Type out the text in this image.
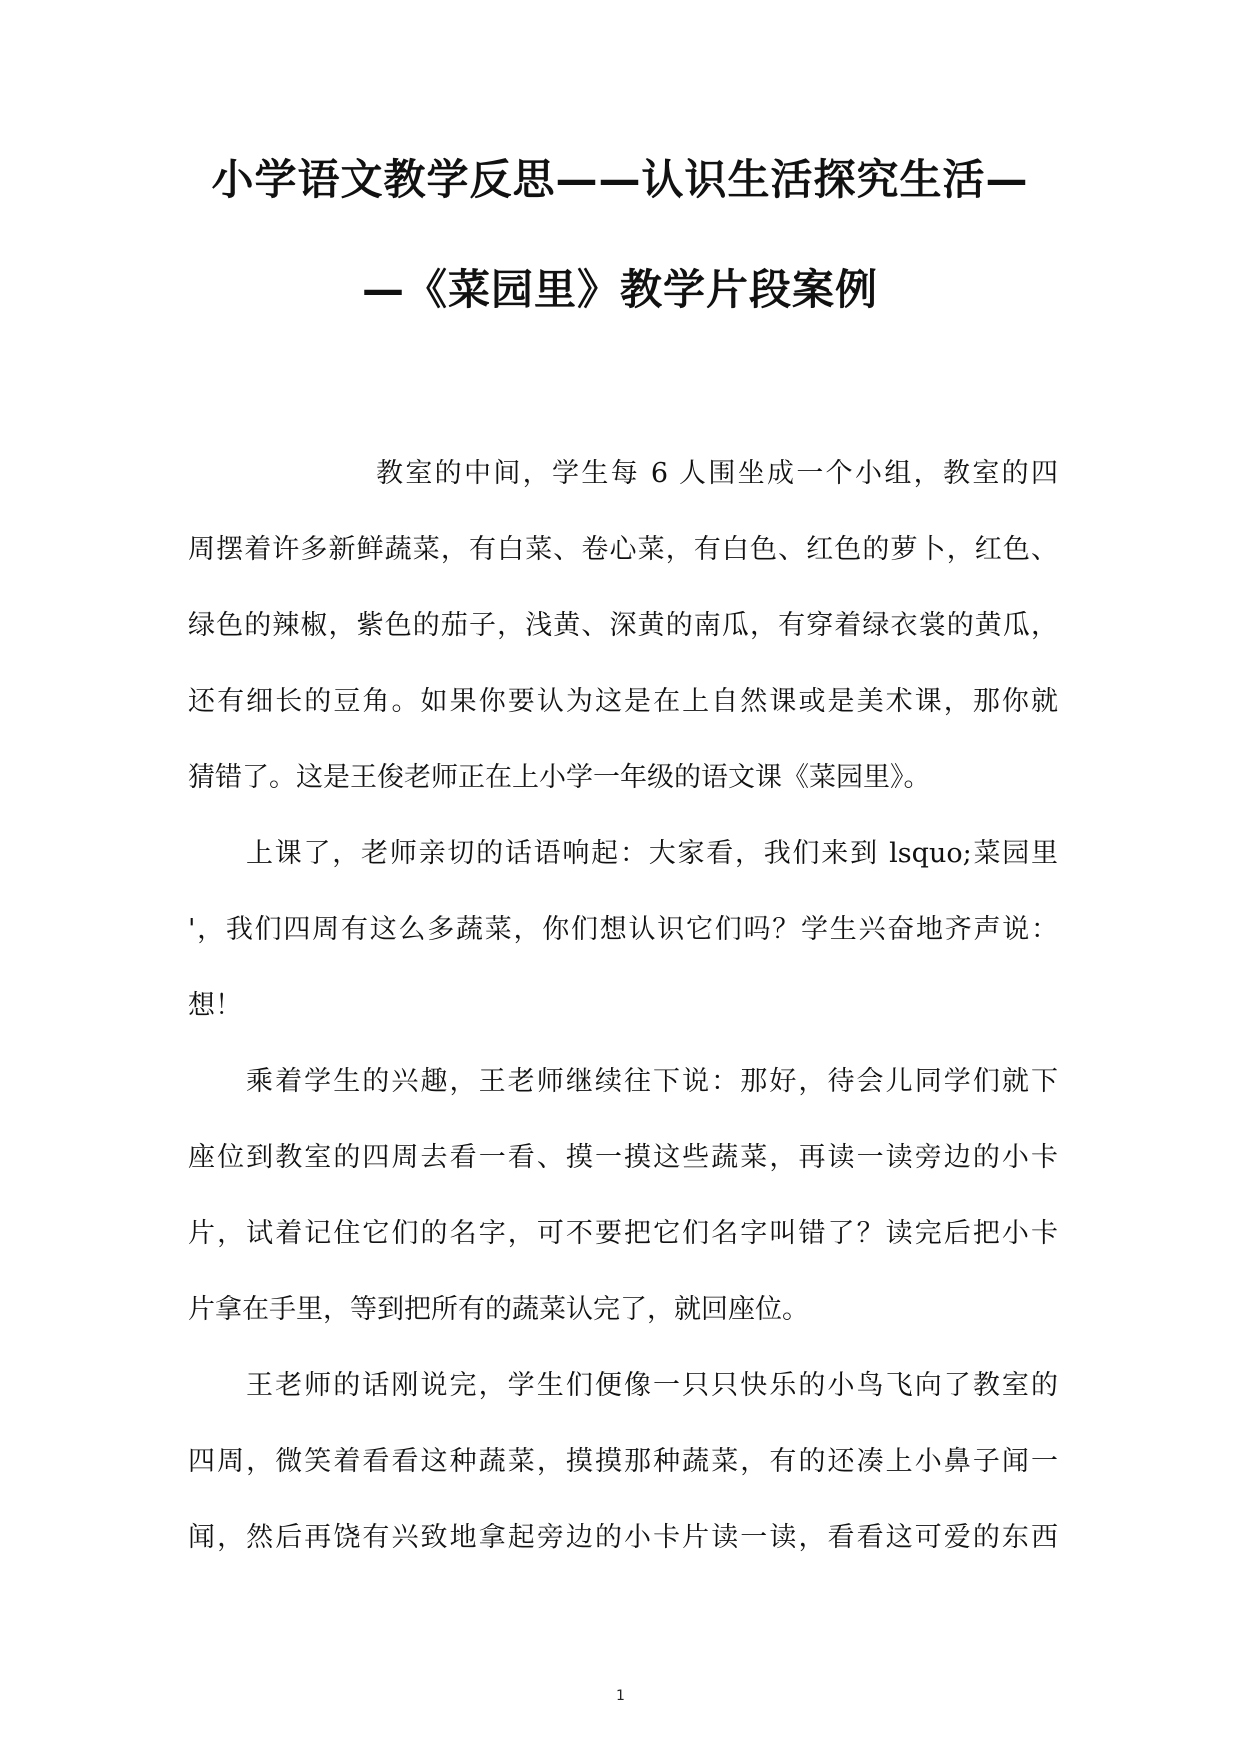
小学语文教学反思——认识生活探究生活—
—《菜园里》教学片段案例
教室的中间，学生每 6 人围坐成一个小组，教室的四
周摆着许多新鲜蔬菜，有白菜、卷心菜，有白色、红色的萝卜，红色、
绿色的辣椒，紫色的茄子，浅黄、深黄的南瓜，有穿着绿衣裳的黄瓜，
还有细长的豆角。如果你要认为这是在上自然课或是美术课，那你就
猜错了。这是王俊老师正在上小学一年级的语文课《菜园里》。
上课了，老师亲切的话语响起：大家看，我们来到 lsquo;菜园里
'，我们四周有这么多蔬菜，你们想认识它们吗？学生兴奋地齐声说：
想！
乘着学生的兴趣，王老师继续往下说：那好，待会儿同学们就下
座位到教室的四周去看一看、摸一摸这些蔬菜，再读一读旁边的小卡
片，试着记住它们的名字，可不要把它们名字叫错了？读完后把小卡
片拿在手里，等到把所有的蔬菜认完了，就回座位。
王老师的话刚说完，学生们便像一只只快乐的小鸟飞向了教室的
四周，微笑着看看这种蔬菜，摸摸那种蔬菜，有的还凑上小鼻子闻一
闻，然后再饶有兴致地拿起旁边的小卡片读一读，看看这可爱的东西
1
